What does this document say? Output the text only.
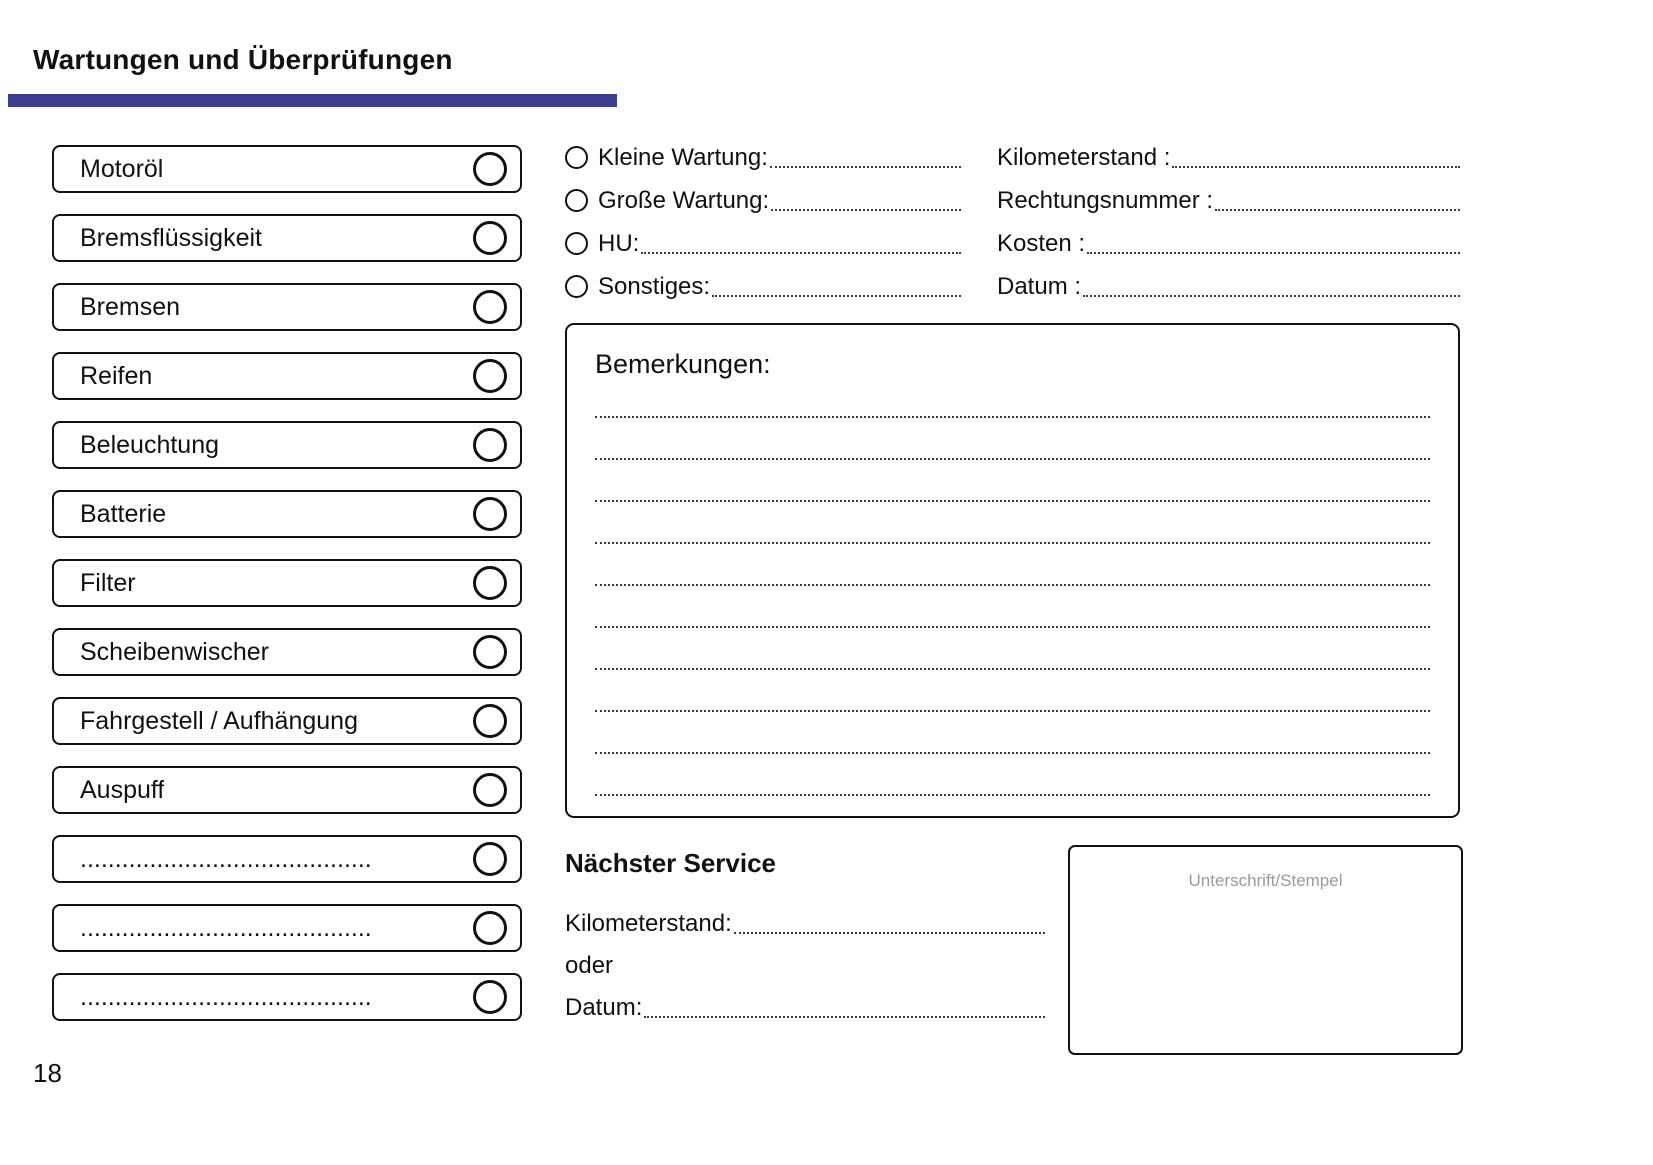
Wartungen und Überprüfungen
Motoröl
Bremsflüssigkeit
Bremsen
Reifen
Beleuchtung
Batterie
Filter
Scheibenwischer
Fahrgestell / Aufhängung
Auspuff
..........................................
..........................................
..........................................
Kleine Wartung:
Große Wartung:
HU:
Sonstiges:
Kilometerstand :
Rechtungsnummer :
Kosten :
Datum :
Bemerkungen:
Nächster Service
Kilometerstand:
oder
Datum:
Unterschrift/Stempel
18
